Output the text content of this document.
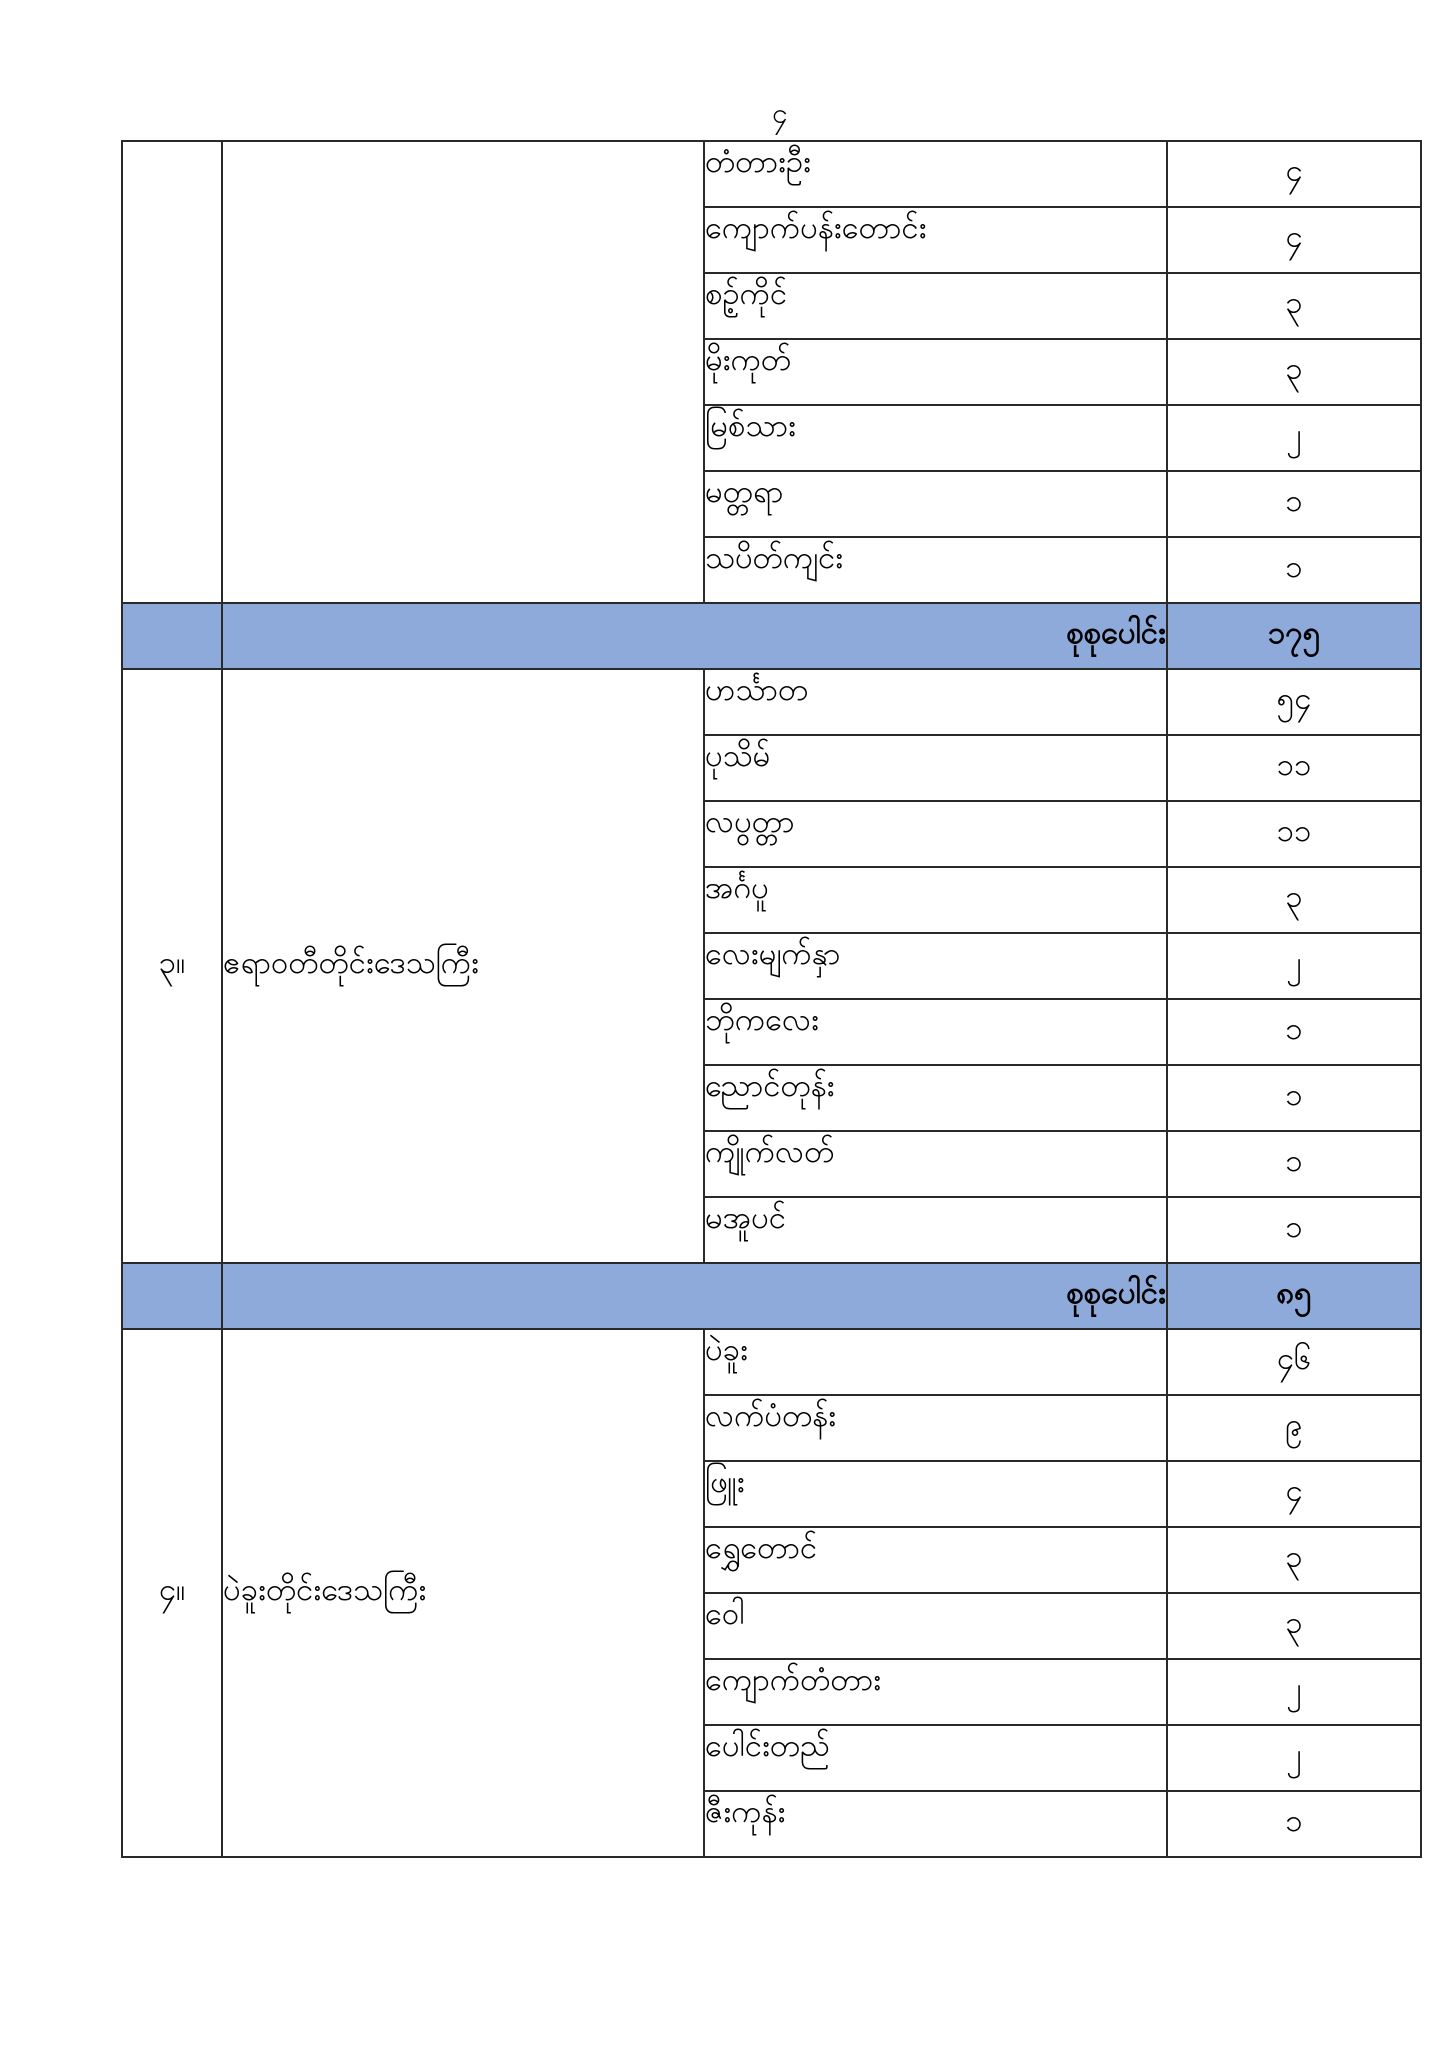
၄
		တံတားဦး	၄
		ကျောက်ပန်းတောင်း	၄
		စဉ့်ကိုင်	၃
		မိုးကုတ်	၃
		မြစ်သား	၂
		မတ္တရာ	၁
		သပိတ်ကျင်း	၁
	စုစုပေါင်း		၁၇၅
၃။	ဧရာဝတီတိုင်းဒေသကြီး	ဟင်္သာတ	၅၄
		ပုသိမ်	၁၁
		လပွတ္တာ	၁၁
		အင်္ဂပူ	၃
		လေးမျက်နှာ	၂
		ဘိုကလေး	၁
		ညောင်တုန်း	၁
		ကျိုက်လတ်	၁
		မအူပင်	၁
	စုစုပေါင်း		၈၅
၄။	ပဲခူးတိုင်းဒေသကြီး	ပဲခူး	၄၆
		လက်ပံတန်း	၉
		ဖြူး	၄
		ရွှေတောင်	၃
		ဝေါ	၃
		ကျောက်တံတား	၂
		ပေါင်းတည်	၂
		ဇီးကုန်း	၁
